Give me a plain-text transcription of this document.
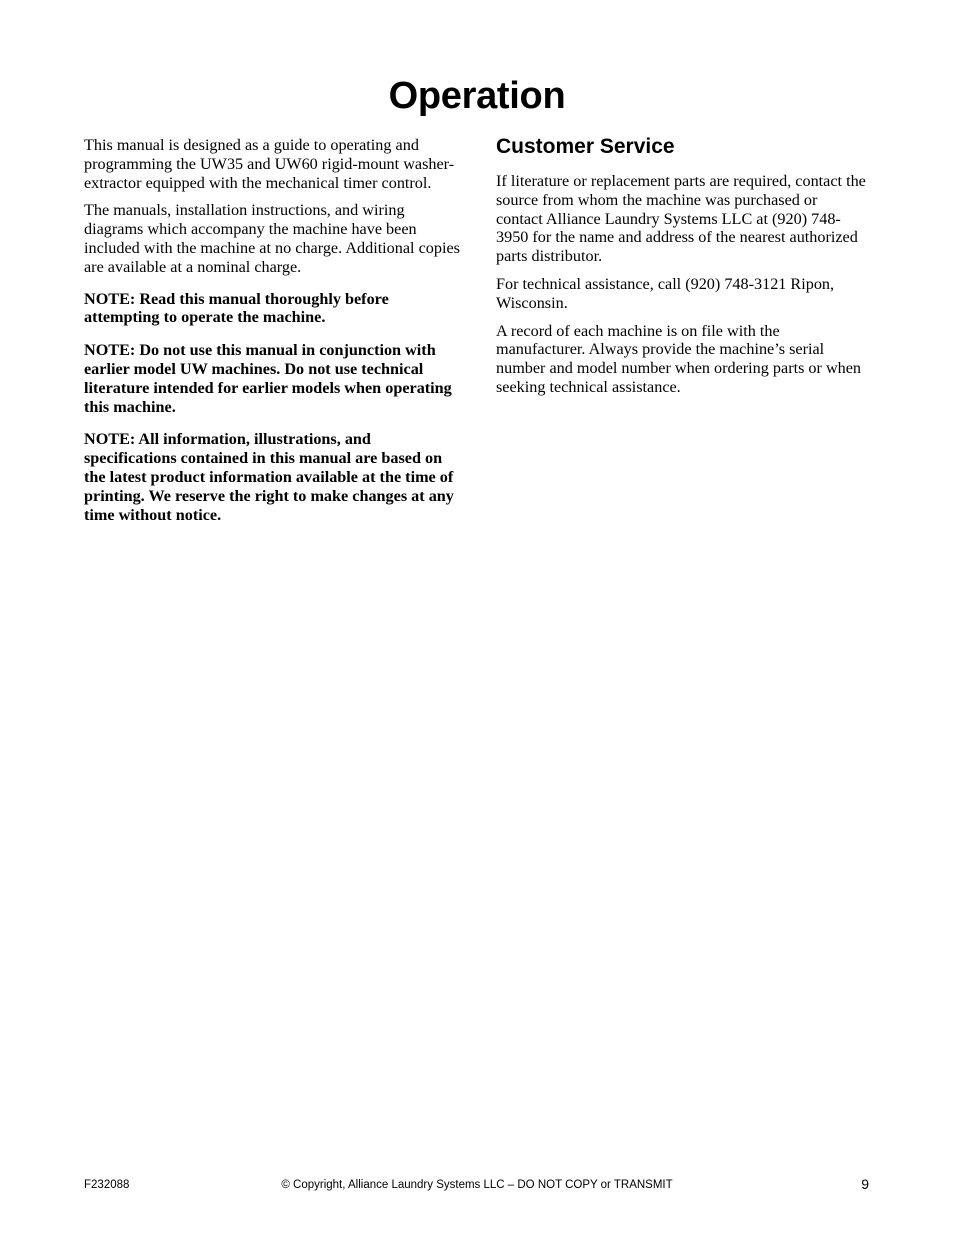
Operation

This manual is designed as a guide to operating and programming the UW35 and UW60 rigid-mount washer-extractor equipped with the mechanical timer control.

The manuals, installation instructions, and wiring diagrams which accompany the machine have been included with the machine at no charge. Additional copies are available at a nominal charge.

NOTE: Read this manual thoroughly before attempting to operate the machine.

NOTE: Do not use this manual in conjunction with earlier model UW machines. Do not use technical literature intended for earlier models when operating this machine.

NOTE: All information, illustrations, and specifications contained in this manual are based on the latest product information available at the time of printing. We reserve the right to make changes at any time without notice.

Customer Service

If literature or replacement parts are required, contact the source from whom the machine was purchased or contact Alliance Laundry Systems LLC at (920) 748-3950 for the name and address of the nearest authorized parts distributor.

For technical assistance, call (920) 748-3121 Ripon, Wisconsin.

A record of each machine is on file with the manufacturer. Always provide the machine’s serial number and model number when ordering parts or when seeking technical assistance.

F232088	© Copyright, Alliance Laundry Systems LLC – DO NOT COPY or TRANSMIT	9
